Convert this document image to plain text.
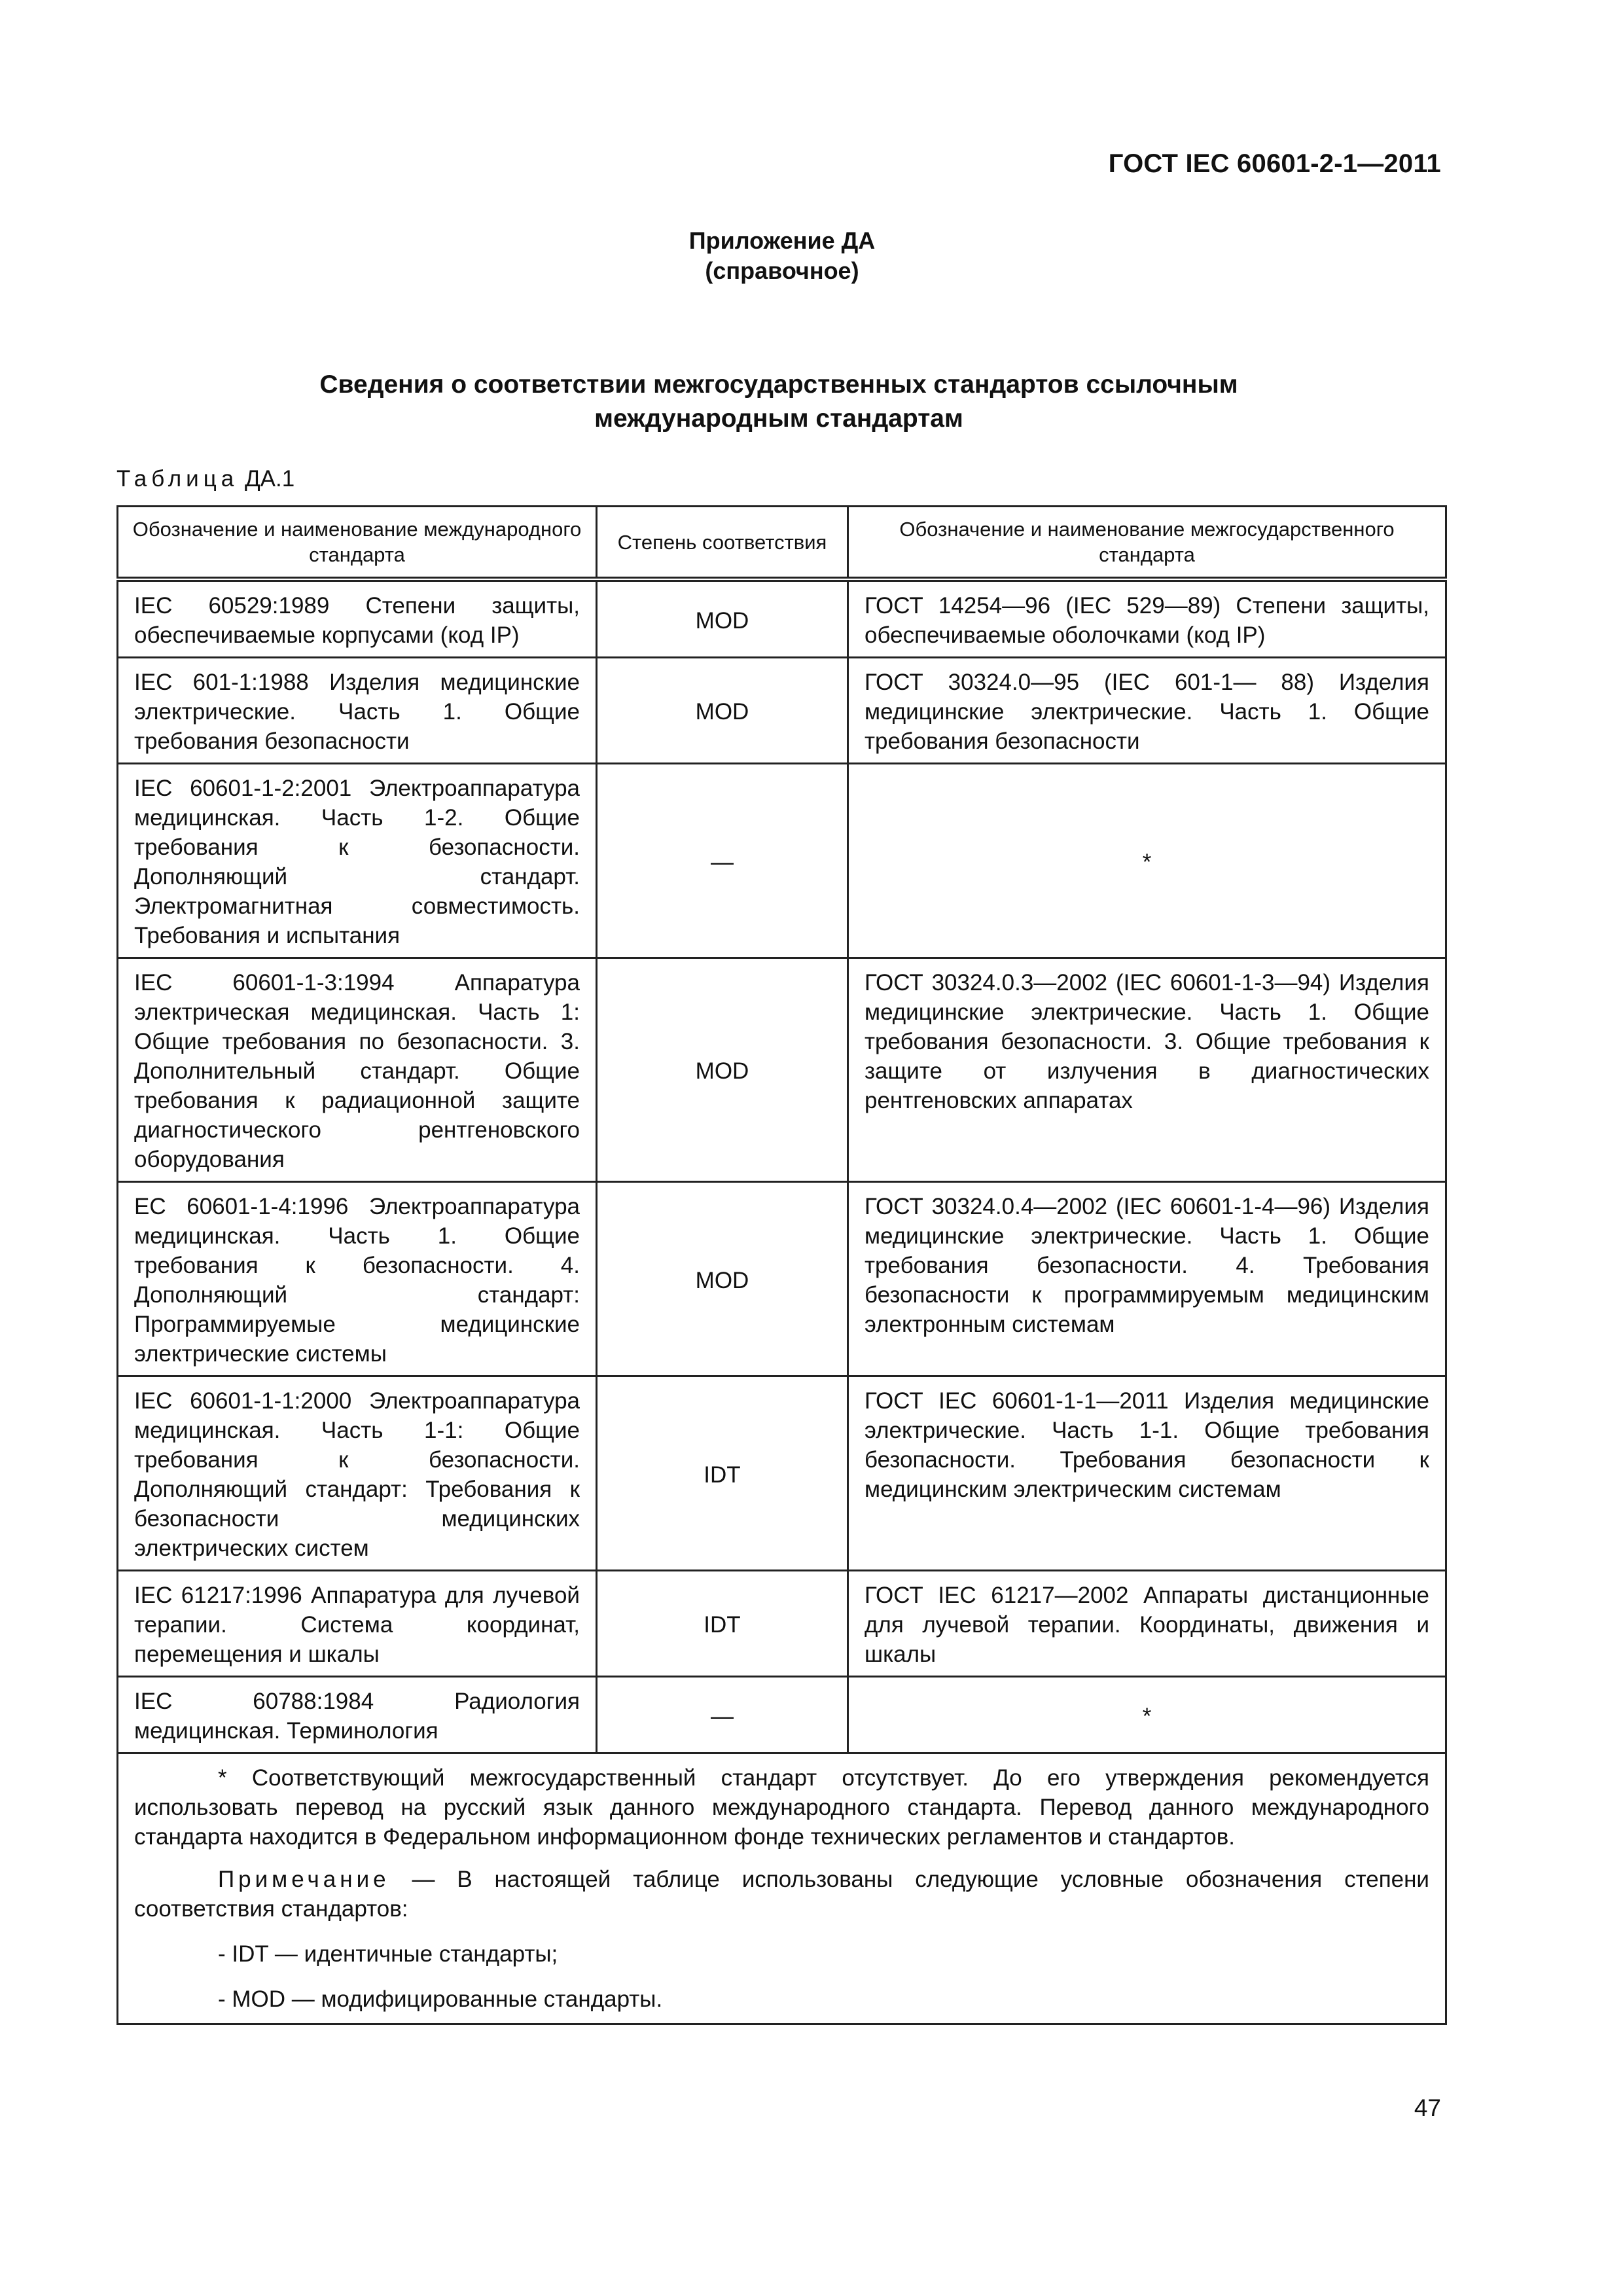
ГОСТ IEC 60601-2-1—2011
Приложение ДА
(справочное)
Сведения о соответствии межгосударственных стандартов ссылочным
международным стандартам
Таблица ДА.1
Обозначение и наименование международного стандарта	Степень соответствия	Обозначение и наименование межгосударственного стандарта
IEC 60529:1989 Степени защиты, обеспечиваемые корпусами (код IP)	MOD	ГОСТ 14254—96 (IEC 529—89) Степени защиты, обеспечиваемые оболочками (код IP)
IEC 601-1:1988 Изделия медицинские электрические. Часть 1. Общие требования безопасности	MOD	ГОСТ 30324.0—95 (IEC 601-1— 88) Изделия медицинские электрические. Часть 1. Общие требования безопасности
IEC 60601-1-2:2001 Электроаппаратура медицинская. Часть 1-2. Общие требования к безопасности. Дополняющий стандарт. Электромагнитная совместимость. Требования и испытания	—	*
IEC 60601-1-3:1994 Аппаратура электрическая медицинская. Часть 1: Общие требования по безопасности. 3. Дополнительный стандарт. Общие требования к радиационной защите диагностического рентгеновского оборудования	MOD	ГОСТ 30324.0.3—2002 (IEC 60601-1-3—94) Изделия медицинские электрические. Часть 1. Общие требования безопасности. 3. Общие требования к защите от излучения в диагностических рентгеновских аппаратах
ЕС 60601-1-4:1996 Электроаппаратура медицинская. Часть 1. Общие требования к безопасности. 4. Дополняющий стандарт: Программируемые медицинские электрические системы	MOD	ГОСТ 30324.0.4—2002 (IEC 60601-1-4—96) Изделия медицинские электрические. Часть 1. Общие требования безопасности. 4. Требования безопасности к программируемым медицинским электронным системам
IEC 60601-1-1:2000 Электроаппаратура медицинская. Часть 1-1: Общие требования к безопасности. Дополняющий стандарт: Требования к безопасности медицинских электрических систем	IDT	ГОСТ IEC 60601-1-1—2011 Изделия медицинские электрические. Часть 1-1. Общие требования безопасности. Требования безопасности к медицинским электрическим системам
IEC 61217:1996 Аппаратура для лучевой терапии. Система координат, перемещения и шкалы	IDT	ГОСТ IEC 61217—2002 Аппараты дистанционные для лучевой терапии. Координаты, движения и шкалы
IEC 60788:1984 Радиология медицинская. Терминология	—	*

* Соответствующий межгосударственный стандарт отсутствует. До его утверждения рекомендуется использовать перевод на русский язык данного международного стандарта. Перевод данного международного стандарта находится в Федеральном информационном фонде технических регламентов и стандартов.

Примечание — В настоящей таблице использованы следующие условные обозначения степени соответствия стандартов:

- IDT — идентичные стандарты;

- MOD — модифицированные стандарты.		

47
